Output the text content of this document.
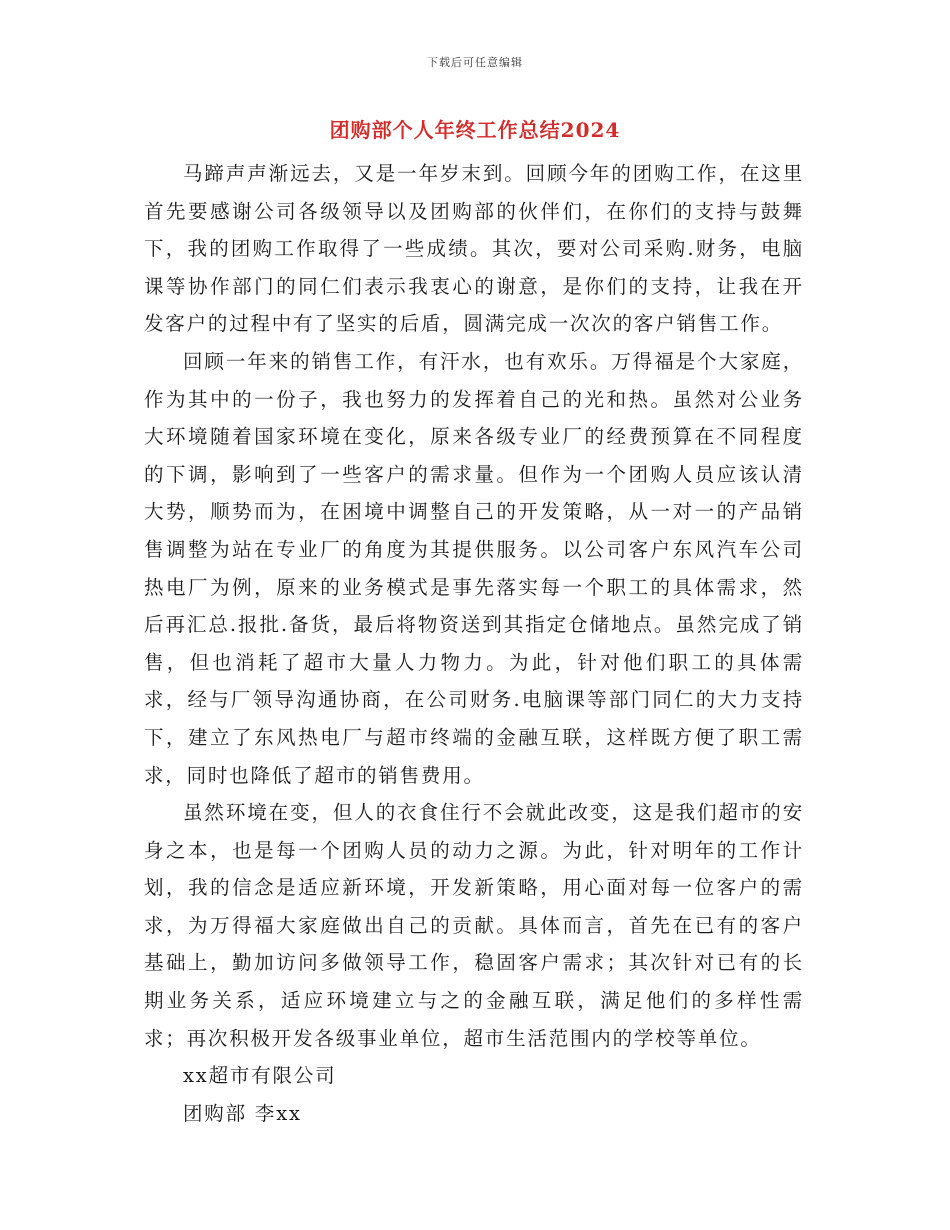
下载后可任意编辑
团购部个人年终工作总结2024

马蹄声声渐远去，又是一年岁末到。回顾今年的团购工作，在这里首先要感谢公司各级领导以及团购部的伙伴们，在你们的支持与鼓舞下，我的团购工作取得了一些成绩。其次，要对公司采购.财务，电脑课等协作部门的同仁们表示我衷心的谢意，是你们的支持，让我在开发客户的过程中有了坚实的后盾，圆满完成一次次的客户销售工作。

回顾一年来的销售工作，有汗水，也有欢乐。万得福是个大家庭，作为其中的一份子，我也努力的发挥着自己的光和热。虽然对公业务大环境随着国家环境在变化，原来各级专业厂的经费预算在不同程度的下调，影响到了一些客户的需求量。但作为一个团购人员应该认清大势，顺势而为，在困境中调整自己的开发策略，从一对一的产品销售调整为站在专业厂的角度为其提供服务。以公司客户东风汽车公司热电厂为例，原来的业务模式是事先落实每一个职工的具体需求，然后再汇总.报批.备货，最后将物资送到其指定仓储地点。虽然完成了销售，但也消耗了超市大量人力物力。为此，针对他们职工的具体需求，经与厂领导沟通协商，在公司财务.电脑课等部门同仁的大力支持下，建立了东风热电厂与超市终端的金融互联，这样既方便了职工需求，同时也降低了超市的销售费用。

虽然环境在变，但人的衣食住行不会就此改变，这是我们超市的安身之本，也是每一个团购人员的动力之源。为此，针对明年的工作计划，我的信念是适应新环境，开发新策略，用心面对每一位客户的需求，为万得福大家庭做出自己的贡献。具体而言，首先在已有的客户基础上，勤加访问多做领导工作，稳固客户需求；其次针对已有的长期业务关系，适应环境建立与之的金融互联，满足他们的多样性需求；再次积极开发各级事业单位，超市生活范围内的学校等单位。

xx超市有限公司

团购部 李xx
